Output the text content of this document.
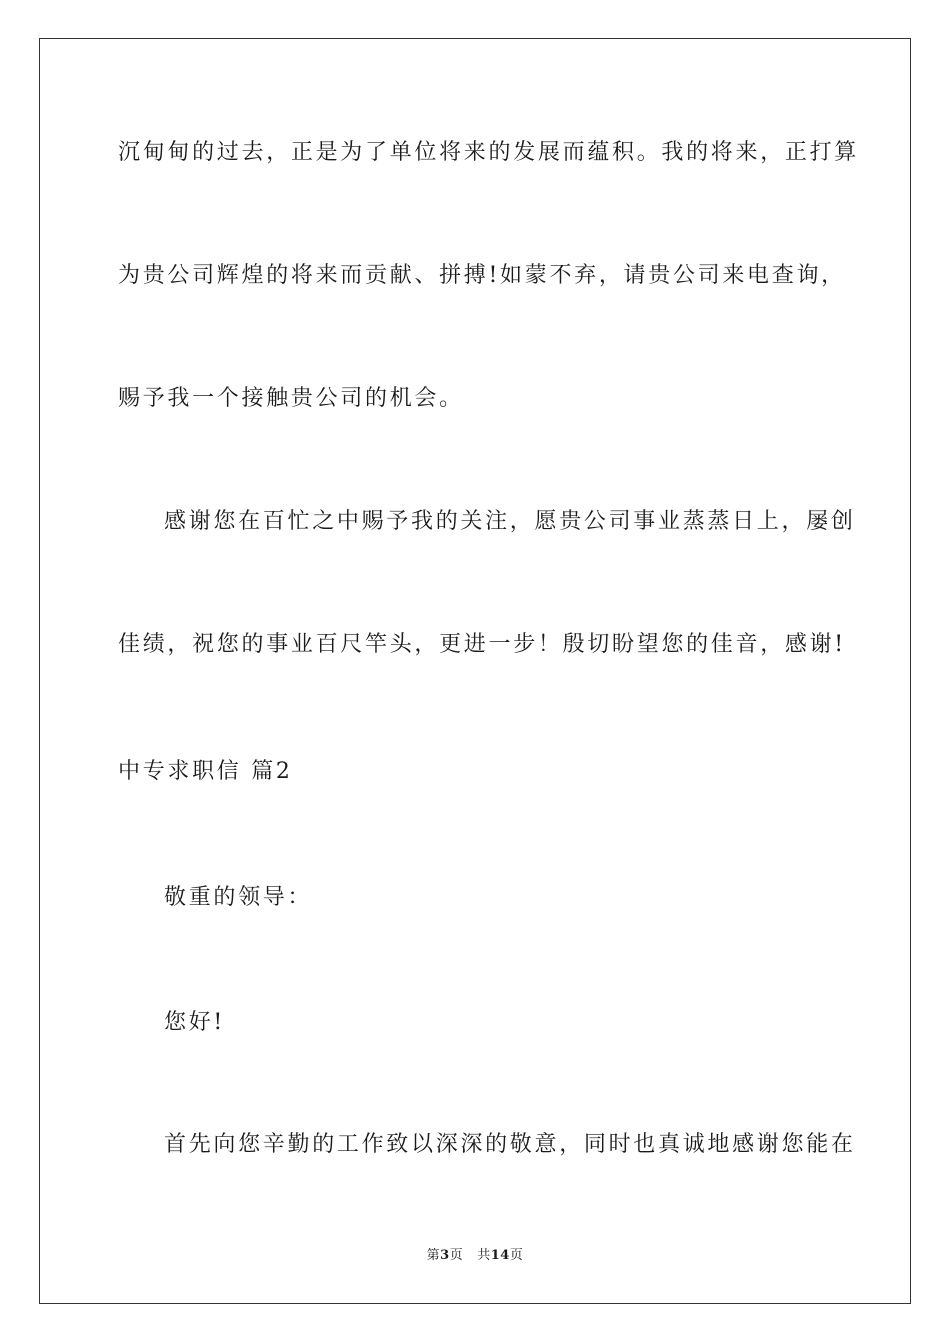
沉甸甸的过去，正是为了单位将来的发展而蕴积。我的将来，正打算
为贵公司辉煌的将来而贡献、拼搏!如蒙不弃，请贵公司来电查询，
赐予我一个接触贵公司的机会。
感谢您在百忙之中赐予我的关注，愿贵公司事业蒸蒸日上，屡创
佳绩，祝您的事业百尺竿头，更进一步！殷切盼望您的佳音，感谢!
中专求职信 篇2
敬重的领导：
您好!
首先向您辛勤的工作致以深深的敬意，同时也真诚地感谢您能在
第3页 共14页
